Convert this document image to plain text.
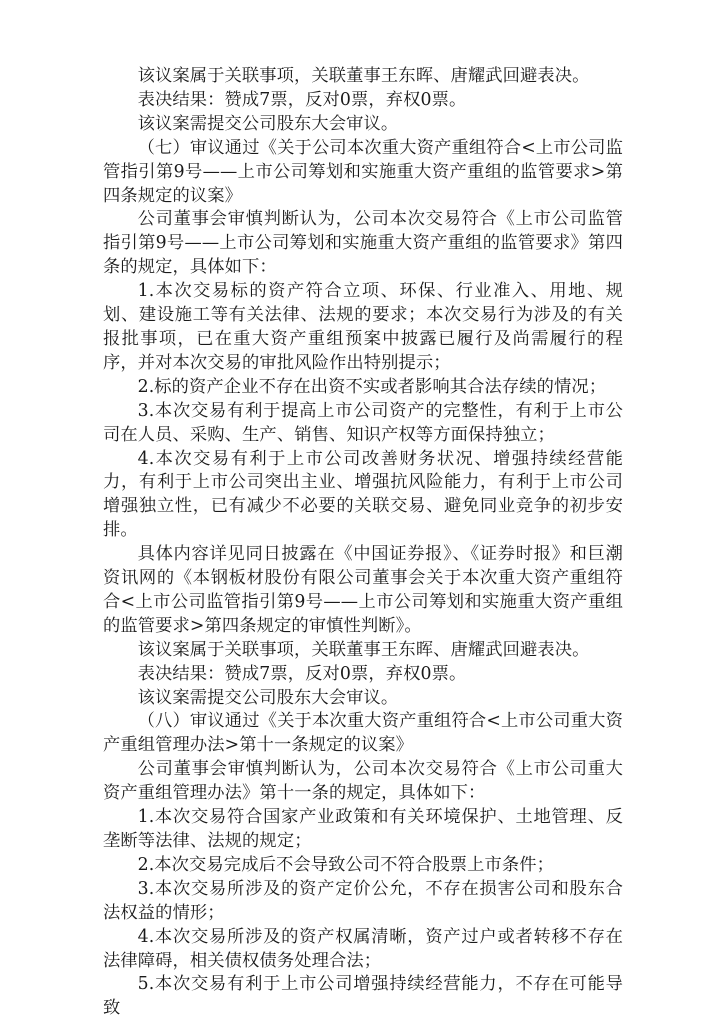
该议案属于关联事项，关联董事王东晖、唐耀武回避表决。

表决结果：赞成7票，反对0票，弃权0票。

该议案需提交公司股东大会审议。

（七）审议通过《关于公司本次重大资产重组符合<上市公司监管指引第9号——上市公司筹划和实施重大资产重组的监管要求>第四条规定的议案》

公司董事会审慎判断认为，公司本次交易符合《上市公司监管指引第9号——上市公司筹划和实施重大资产重组的监管要求》第四条的规定，具体如下：

1.本次交易标的资产符合立项、环保、行业准入、用地、规划、建设施工等有关法律、法规的要求；本次交易行为涉及的有关报批事项，已在重大资产重组预案中披露已履行及尚需履行的程序，并对本次交易的审批风险作出特别提示；

2.标的资产企业不存在出资不实或者影响其合法存续的情况；

3.本次交易有利于提高上市公司资产的完整性，有利于上市公司在人员、采购、生产、销售、知识产权等方面保持独立；

4.本次交易有利于上市公司改善财务状况、增强持续经营能力，有利于上市公司突出主业、增强抗风险能力，有利于上市公司增强独立性，已有减少不必要的关联交易、避免同业竞争的初步安排。

具体内容详见同日披露在《中国证券报》、《证券时报》和巨潮资讯网的《本钢板材股份有限公司董事会关于本次重大资产重组符合<上市公司监管指引第9号——上市公司筹划和实施重大资产重组的监管要求>第四条规定的审慎性判断》。

该议案属于关联事项，关联董事王东晖、唐耀武回避表决。

表决结果：赞成7票，反对0票，弃权0票。

该议案需提交公司股东大会审议。

（八）审议通过《关于本次重大资产重组符合<上市公司重大资产重组管理办法>第十一条规定的议案》

公司董事会审慎判断认为，公司本次交易符合《上市公司重大资产重组管理办法》第十一条的规定，具体如下：

1.本次交易符合国家产业政策和有关环境保护、土地管理、反垄断等法律、法规的规定；

2.本次交易完成后不会导致公司不符合股票上市条件；

3.本次交易所涉及的资产定价公允，不存在损害公司和股东合法权益的情形；

4.本次交易所涉及的资产权属清晰，资产过户或者转移不存在法律障碍，相关债权债务处理合法；

5.本次交易有利于上市公司增强持续经营能力，不存在可能导致
